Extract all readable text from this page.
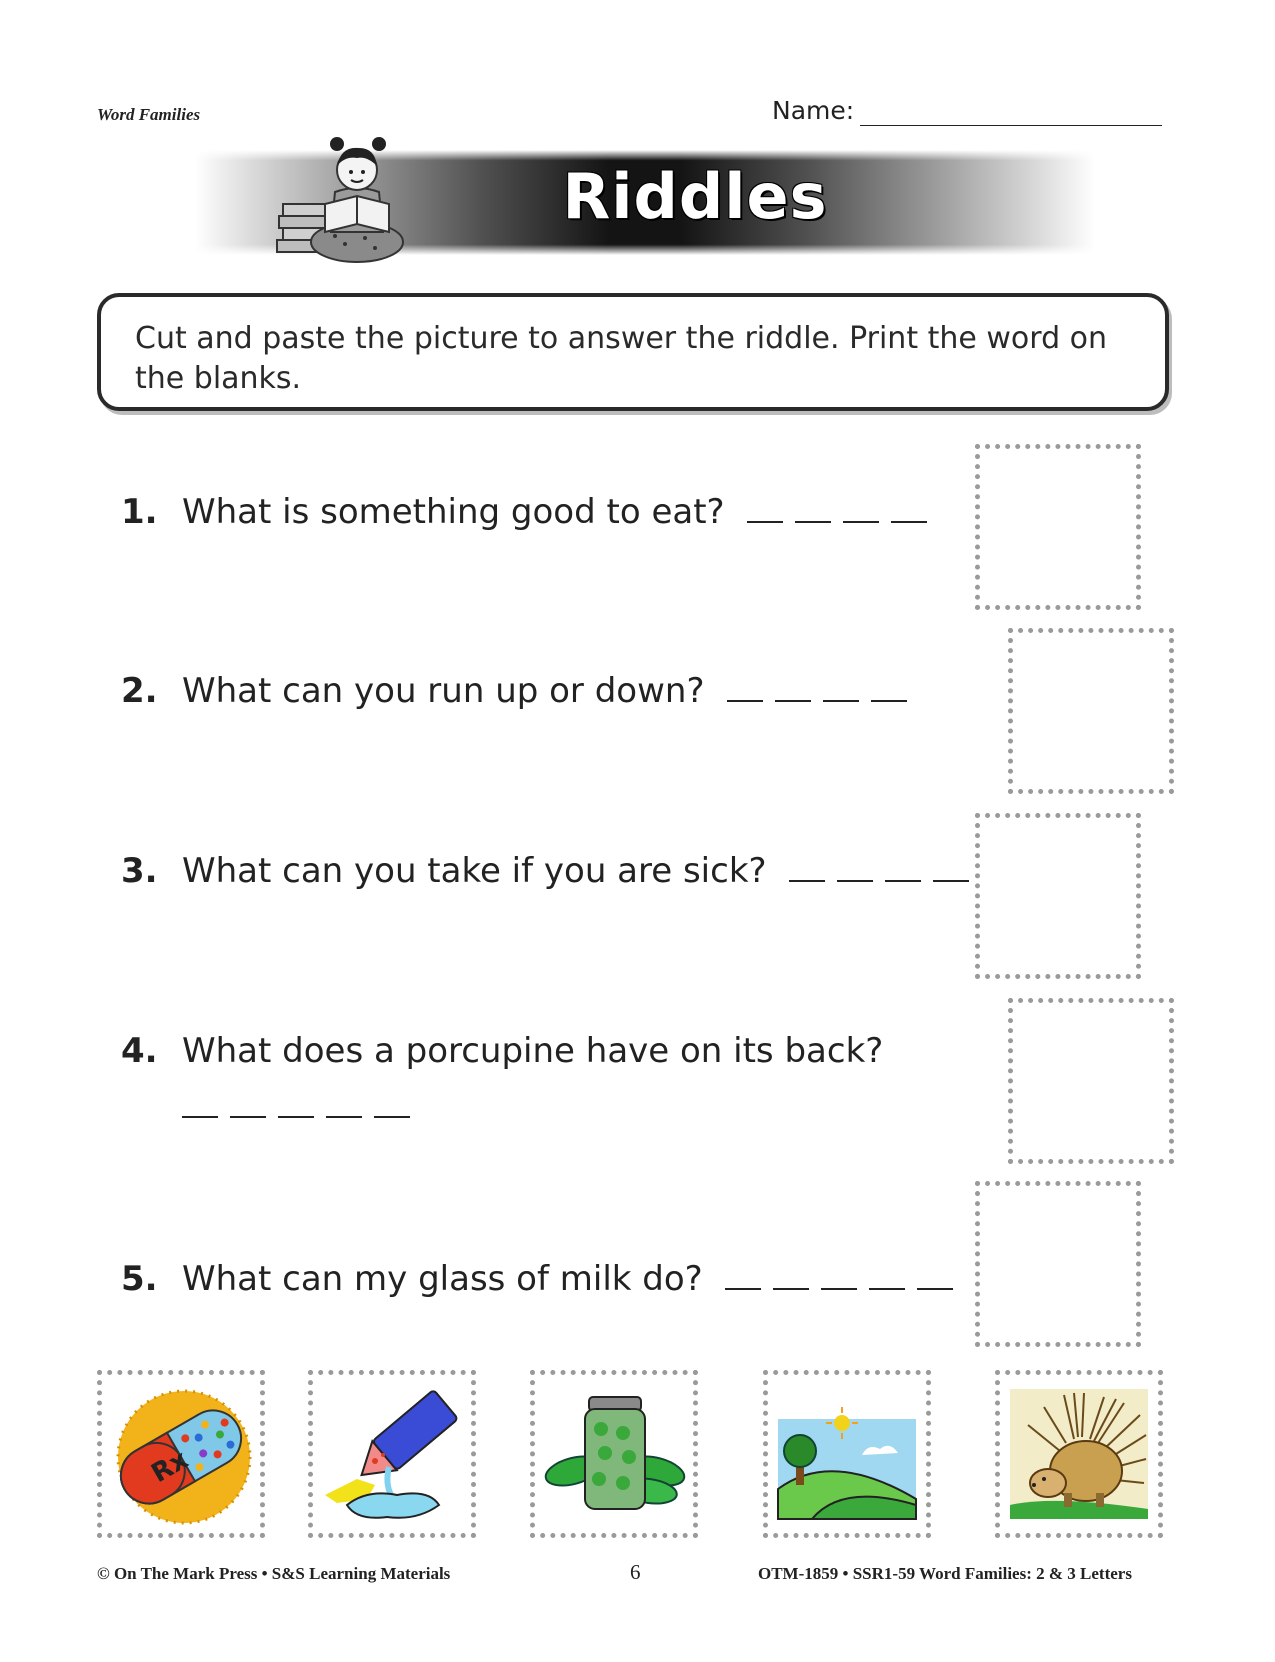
Word Families	Name:
Riddles
Cut and paste the picture to answer the riddle. Print the word on the blanks.
1. What is something good to eat?
2. What can you run up or down?
3. What can you take if you are sick?
4. What does a porcupine have on its back?
5. What can my glass of milk do?
Rx
© On The Mark Press • S&S Learning Materials	6	OTM-1859 • SSR1-59 Word Families: 2 & 3 Letters
